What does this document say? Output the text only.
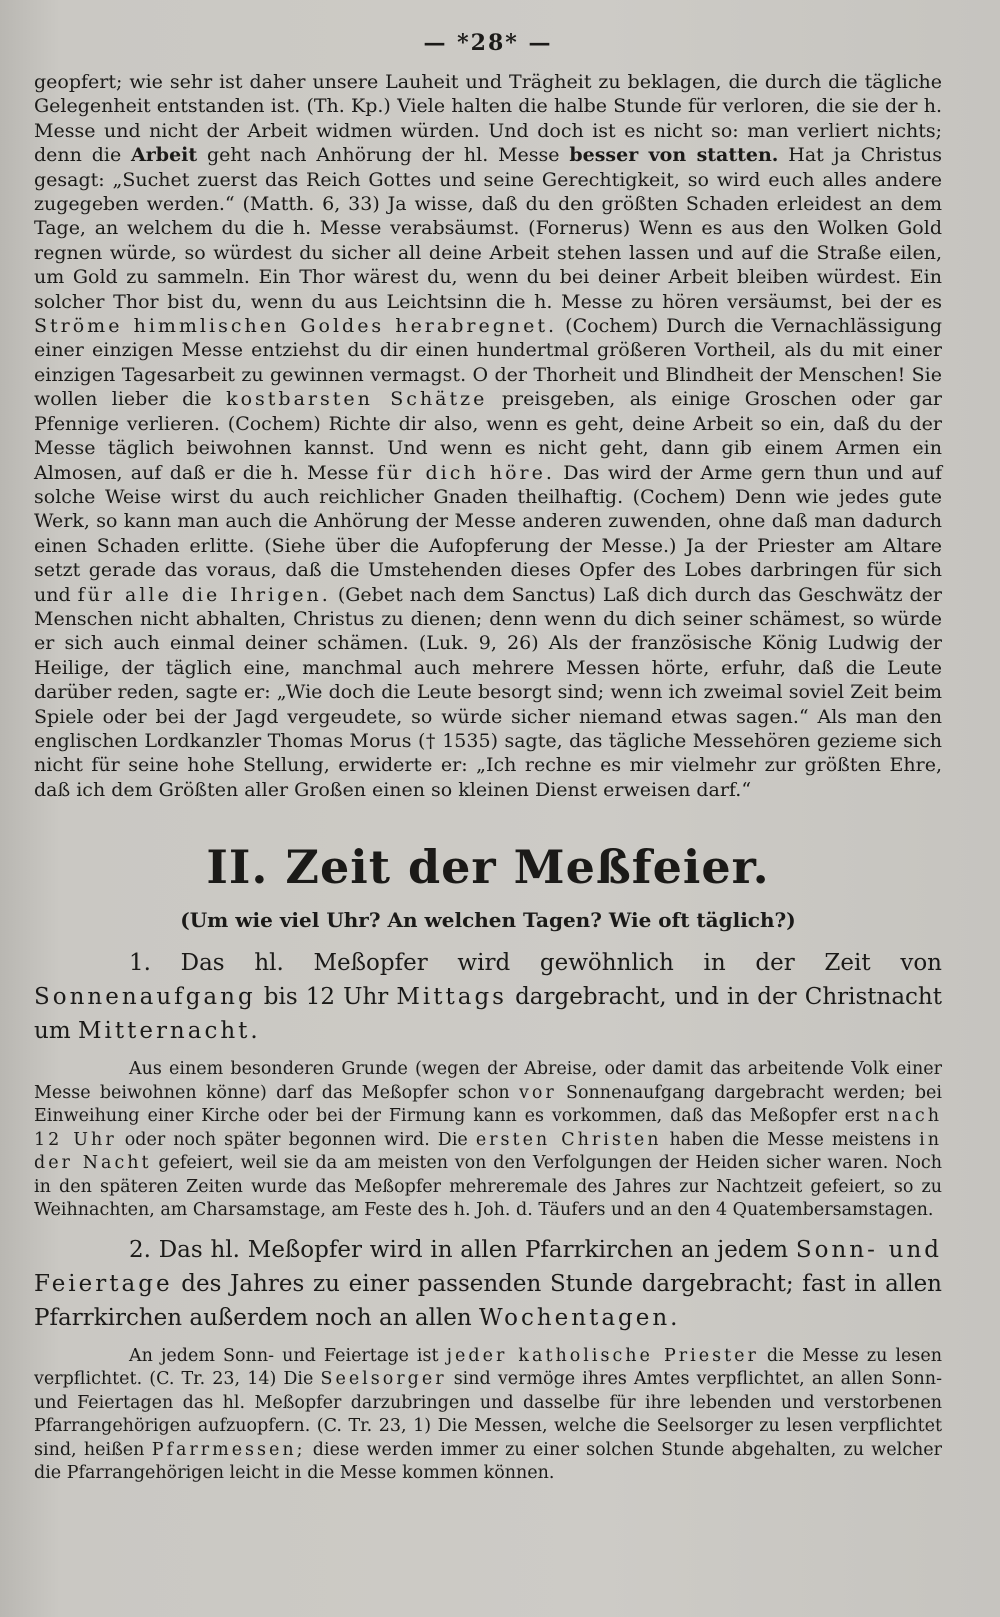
— *28* —

geopfert; wie sehr ist daher unsere Lauheit und Trägheit zu beklagen, die durch die tägliche Gelegenheit entstanden ist. (Th. Kp.) Viele halten die halbe Stunde für verloren, die sie der h. Messe und nicht der Arbeit widmen würden. Und doch ist es nicht so: man verliert nichts; denn die Arbeit geht nach Anhörung der hl. Messe besser von statten. Hat ja Christus gesagt: „Suchet zuerst das Reich Gottes und seine Gerechtigkeit, so wird euch alles andere zugegeben werden.“ (Matth. 6, 33) Ja wisse, daß du den größten Schaden erleidest an dem Tage, an welchem du die h. Messe verabsäumst. (Fornerus) Wenn es aus den Wolken Gold regnen würde, so würdest du sicher all deine Arbeit stehen lassen und auf die Straße eilen, um Gold zu sammeln. Ein Thor wärest du, wenn du bei deiner Arbeit bleiben würdest. Ein solcher Thor bist du, wenn du aus Leichtsinn die h. Messe zu hören versäumst, bei der es Ströme himmlischen Goldes herabregnet. (Cochem) Durch die Vernachlässigung einer einzigen Messe entziehst du dir einen hundertmal größeren Vortheil, als du mit einer einzigen Tagesarbeit zu gewinnen vermagst. O der Thorheit und Blindheit der Menschen! Sie wollen lieber die kostbarsten Schätze preisgeben, als einige Groschen oder gar Pfennige verlieren. (Cochem) Richte dir also, wenn es geht, deine Arbeit so ein, daß du der Messe täglich beiwohnen kannst. Und wenn es nicht geht, dann gib einem Armen ein Almosen, auf daß er die h. Messe für dich höre. Das wird der Arme gern thun und auf solche Weise wirst du auch reichlicher Gnaden theilhaftig. (Cochem) Denn wie jedes gute Werk, so kann man auch die Anhörung der Messe anderen zuwenden, ohne daß man dadurch einen Schaden erlitte. (Siehe über die Aufopferung der Messe.) Ja der Priester am Altare setzt gerade das voraus, daß die Umstehenden dieses Opfer des Lobes darbringen für sich und für alle die Ihrigen. (Gebet nach dem Sanctus) Laß dich durch das Geschwätz der Menschen nicht abhalten, Christus zu dienen; denn wenn du dich seiner schämest, so würde er sich auch einmal deiner schämen. (Luk. 9, 26) Als der französische König Ludwig der Heilige, der täglich eine, manchmal auch mehrere Messen hörte, erfuhr, daß die Leute darüber reden, sagte er: „Wie doch die Leute besorgt sind; wenn ich zweimal soviel Zeit beim Spiele oder bei der Jagd vergeudete, so würde sicher niemand etwas sagen.“ Als man den englischen Lordkanzler Thomas Morus († 1535) sagte, das tägliche Messehören gezieme sich nicht für seine hohe Stellung, erwiderte er: „Ich rechne es mir vielmehr zur größten Ehre, daß ich dem Größten aller Großen einen so kleinen Dienst erweisen darf.“

II. Zeit der Meßfeier.
(Um wie viel Uhr? An welchen Tagen? Wie oft täglich?)

1. Das hl. Meßopfer wird gewöhnlich in der Zeit von Sonnenaufgang bis 12 Uhr Mittags dargebracht, und in der Christnacht um Mitternacht.

Aus einem besonderen Grunde (wegen der Abreise, oder damit das arbeitende Volk einer Messe beiwohnen könne) darf das Meßopfer schon vor Sonnenaufgang dargebracht werden; bei Einweihung einer Kirche oder bei der Firmung kann es vorkommen, daß das Meßopfer erst nach 12 Uhr oder noch später begonnen wird. Die ersten Christen haben die Messe meistens in der Nacht gefeiert, weil sie da am meisten von den Verfolgungen der Heiden sicher waren. Noch in den späteren Zeiten wurde das Meßopfer mehreremale des Jahres zur Nachtzeit gefeiert, so zu Weihnachten, am Charsamstage, am Feste des h. Joh. d. Täufers und an den 4 Quatembersamstagen.

2. Das hl. Meßopfer wird in allen Pfarrkirchen an jedem Sonn- und Feiertage des Jahres zu einer passenden Stunde dargebracht; fast in allen Pfarrkirchen außerdem noch an allen Wochentagen.

An jedem Sonn- und Feiertage ist jeder katholische Priester die Messe zu lesen verpflichtet. (C. Tr. 23, 14) Die Seelsorger sind vermöge ihres Amtes verpflichtet, an allen Sonn- und Feiertagen das hl. Meßopfer darzubringen und dasselbe für ihre lebenden und verstorbenen Pfarrangehörigen aufzuopfern. (C. Tr. 23, 1) Die Messen, welche die Seelsorger zu lesen verpflichtet sind, heißen Pfarrmessen; diese werden immer zu einer solchen Stunde abgehalten, zu welcher die Pfarrangehörigen leicht in die Messe kommen können.
